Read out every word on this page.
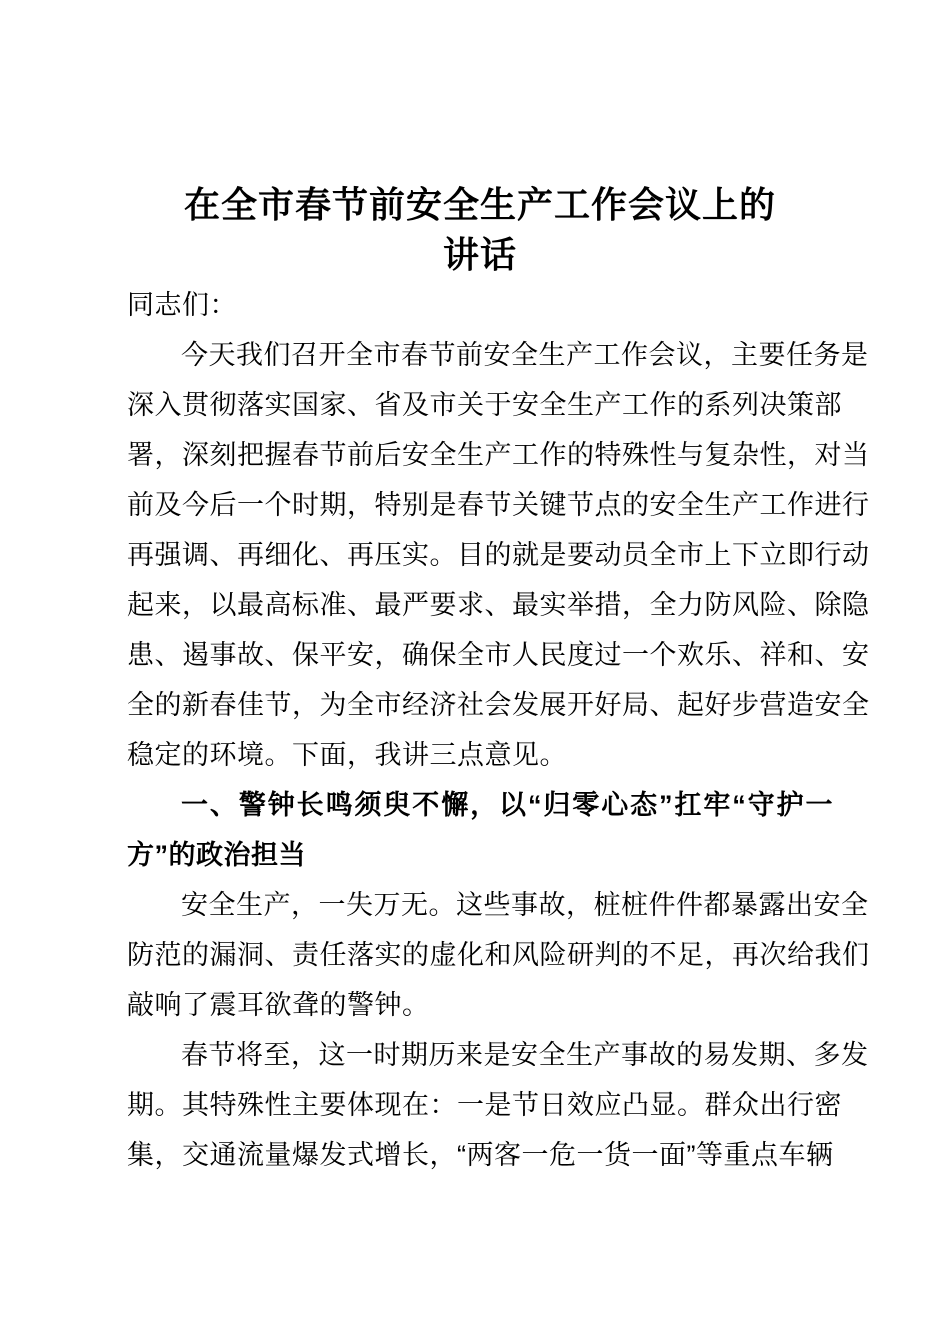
在全市春节前安全生产工作会议上的
讲话
同志们：
今天我们召开全市春节前安全生产工作会议，主要任务是
深入贯彻落实国家、省及市关于安全生产工作的系列决策部
署，深刻把握春节前后安全生产工作的特殊性与复杂性，对当
前及今后一个时期，特别是春节关键节点的安全生产工作进行
再强调、再细化、再压实。目的就是要动员全市上下立即行动
起来，以最高标准、最严要求、最实举措，全力防风险、除隐
患、遏事故、保平安，确保全市人民度过一个欢乐、祥和、安
全的新春佳节，为全市经济社会发展开好局、起好步营造安全
稳定的环境。下面，我讲三点意见。
一、警钟长鸣须臾不懈，以“归零心态”扛牢“守护一
方”的政治担当
安全生产，一失万无。这些事故，桩桩件件都暴露出安全
防范的漏洞、责任落实的虚化和风险研判的不足，再次给我们
敲响了震耳欲聋的警钟。
春节将至，这一时期历来是安全生产事故的易发期、多发
期。其特殊性主要体现在：一是节日效应凸显。群众出行密
集，交通流量爆发式增长，“两客一危一货一面”等重点车辆
